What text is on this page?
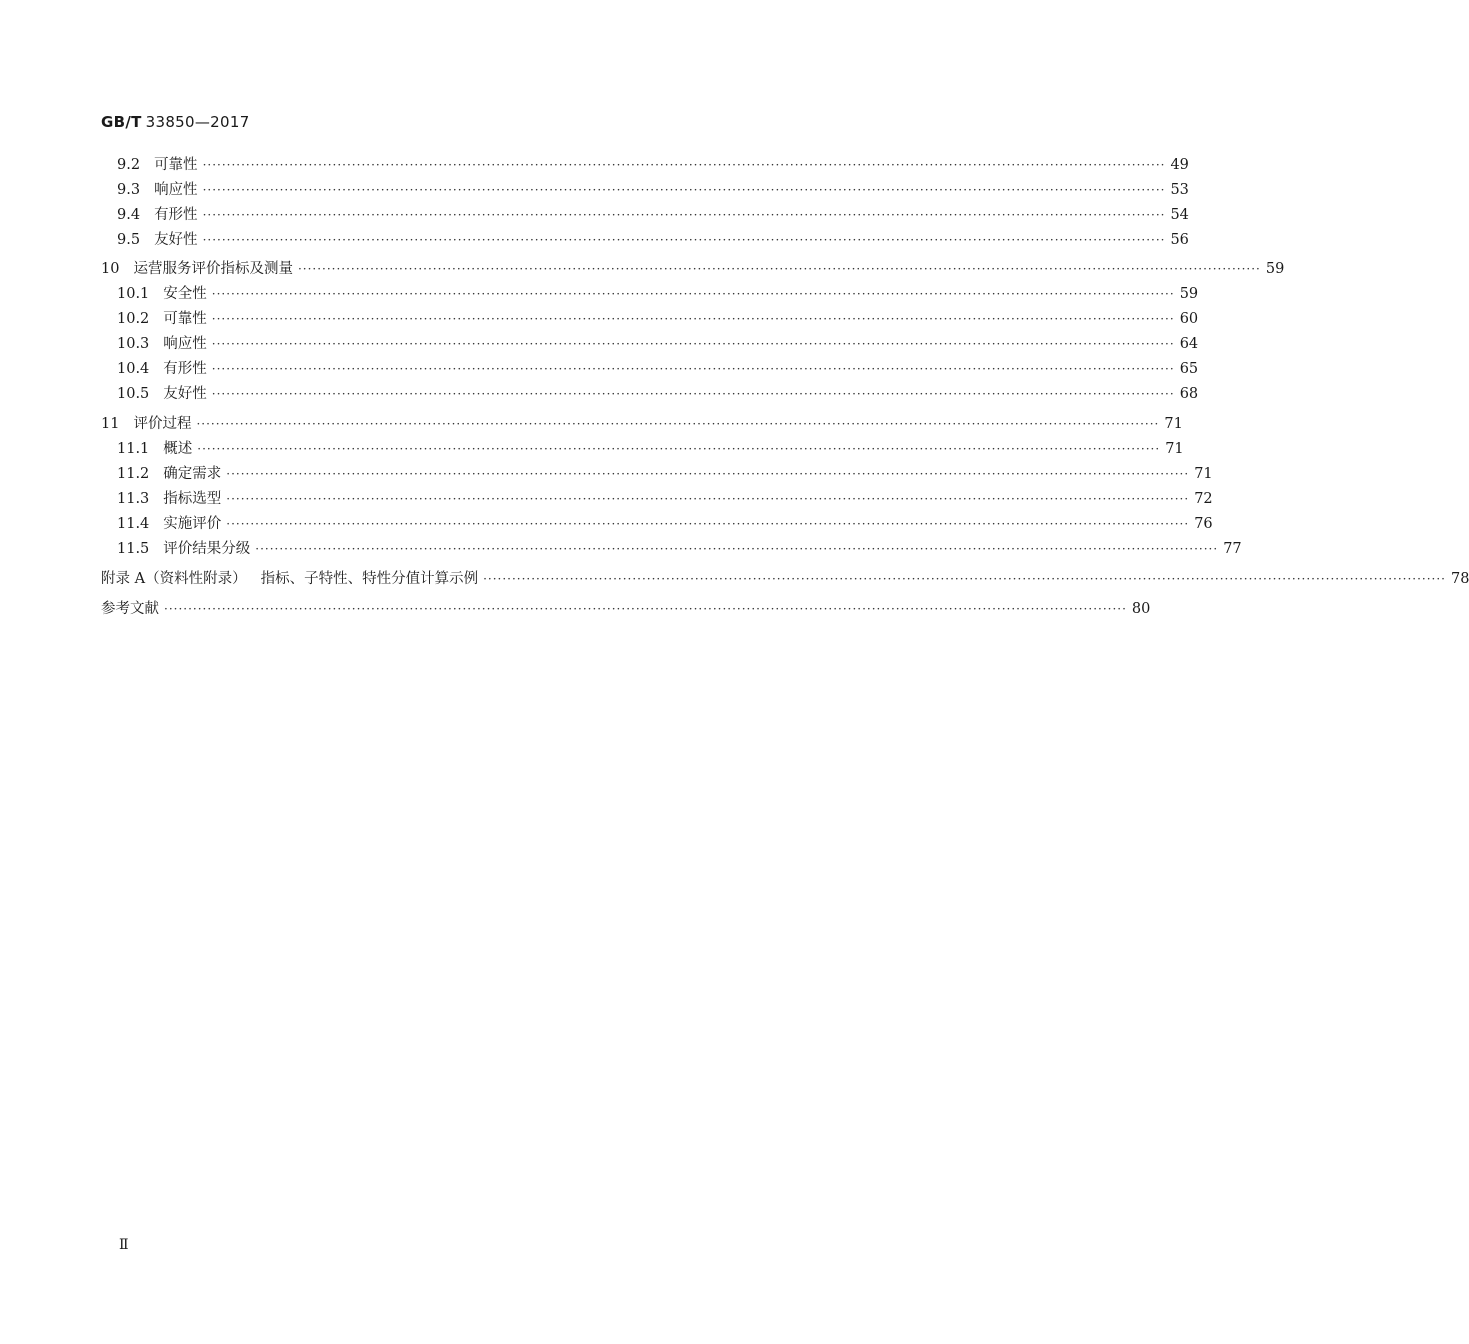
GB/T 33850—2017
9.2 可靠性 ········································································································································································································ 49
9.3 响应性 ········································································································································································································ 53
9.4 有形性 ········································································································································································································ 54
9.5 友好性 ········································································································································································································ 56
10 运营服务评价指标及测量 ········································································································································································································ 59
10.1 安全性 ········································································································································································································ 59
10.2 可靠性 ········································································································································································································ 60
10.3 响应性 ········································································································································································································ 64
10.4 有形性 ········································································································································································································ 65
10.5 友好性 ········································································································································································································ 68
11 评价过程 ········································································································································································································ 71
11.1 概述 ········································································································································································································ 71
11.2 确定需求 ········································································································································································································ 71
11.3 指标选型 ········································································································································································································ 72
11.4 实施评价 ········································································································································································································ 76
11.5 评价结果分级 ········································································································································································································ 77
附录 A（资料性附录） 指标、子特性、特性分值计算示例 ········································································································································································································ 78
参考文献 ········································································································································································································ 80
Ⅱ
